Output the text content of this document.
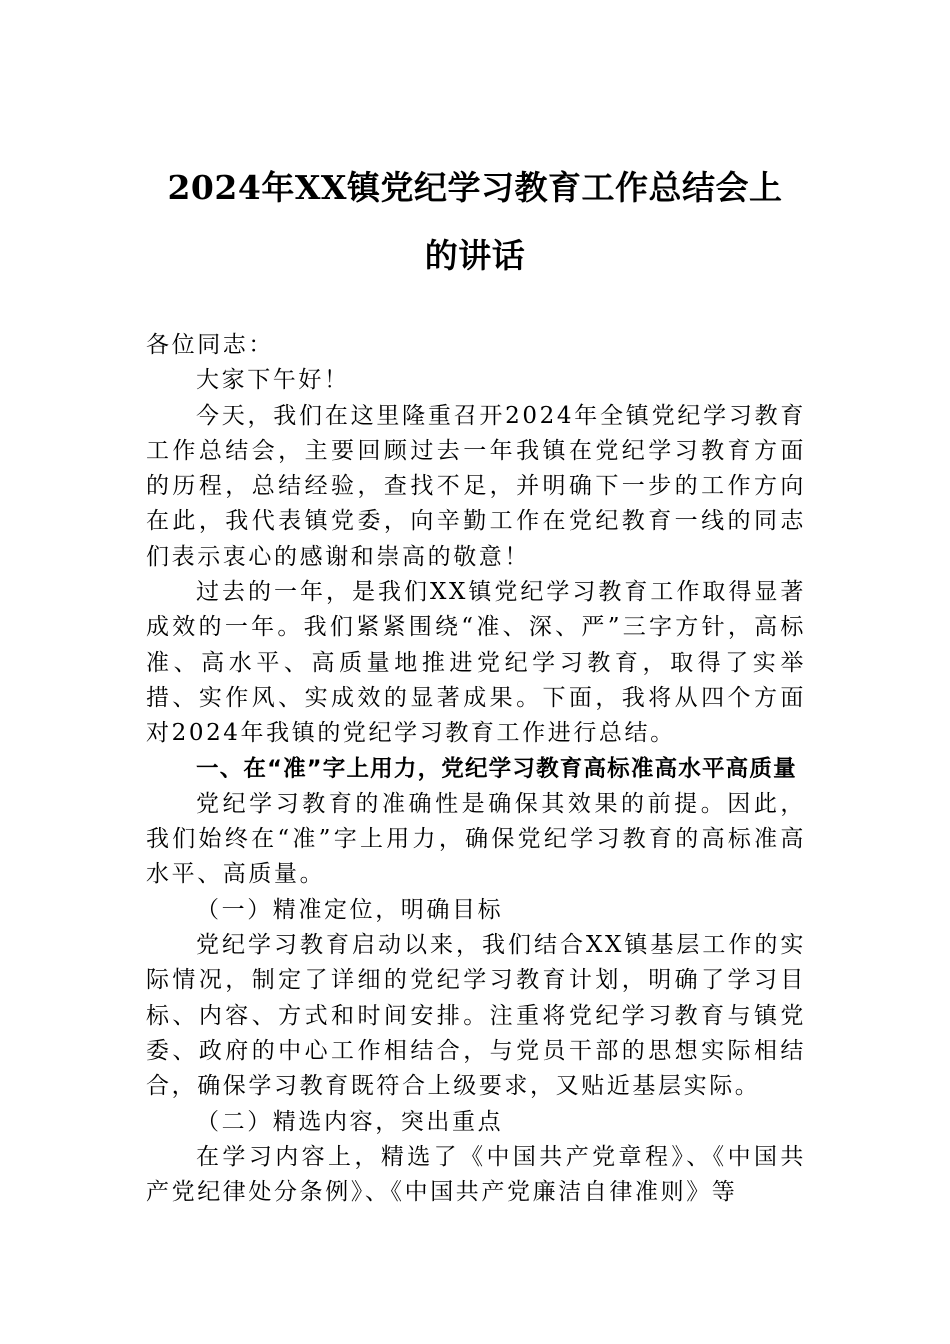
2024年XX镇党纪学习教育工作总结会上
的讲话

各位同志：

大家下午好！

今天，我们在这里隆重召开2024年全镇党纪学习教育工作总结会，主要回顾过去一年我镇在党纪学习教育方面的历程，总结经验，查找不足，并明确下一步的工作方向在此，我代表镇党委，向辛勤工作在党纪教育一线的同志们表示衷心的感谢和崇高的敬意！

过去的一年，是我们XX镇党纪学习教育工作取得显著成效的一年。我们紧紧围绕“准、深、严”三字方针，高标准、高水平、高质量地推进党纪学习教育，取得了实举措、实作风、实成效的显著成果。下面，我将从四个方面对2024年我镇的党纪学习教育工作进行总结。

一、在“准”字上用力，党纪学习教育高标准高水平高质量

党纪学习教育的准确性是确保其效果的前提。因此，我们始终在“准”字上用力，确保党纪学习教育的高标准高水平、高质量。

（一）精准定位，明确目标

党纪学习教育启动以来，我们结合XX镇基层工作的实际情况，制定了详细的党纪学习教育计划，明确了学习目标、内容、方式和时间安排。注重将党纪学习教育与镇党委、政府的中心工作相结合，与党员干部的思想实际相结合，确保学习教育既符合上级要求，又贴近基层实际。

（二）精选内容，突出重点

在学习内容上，精选了《中国共产党章程》、《中国共产党纪律处分条例》、《中国共产党廉洁自律准则》等
